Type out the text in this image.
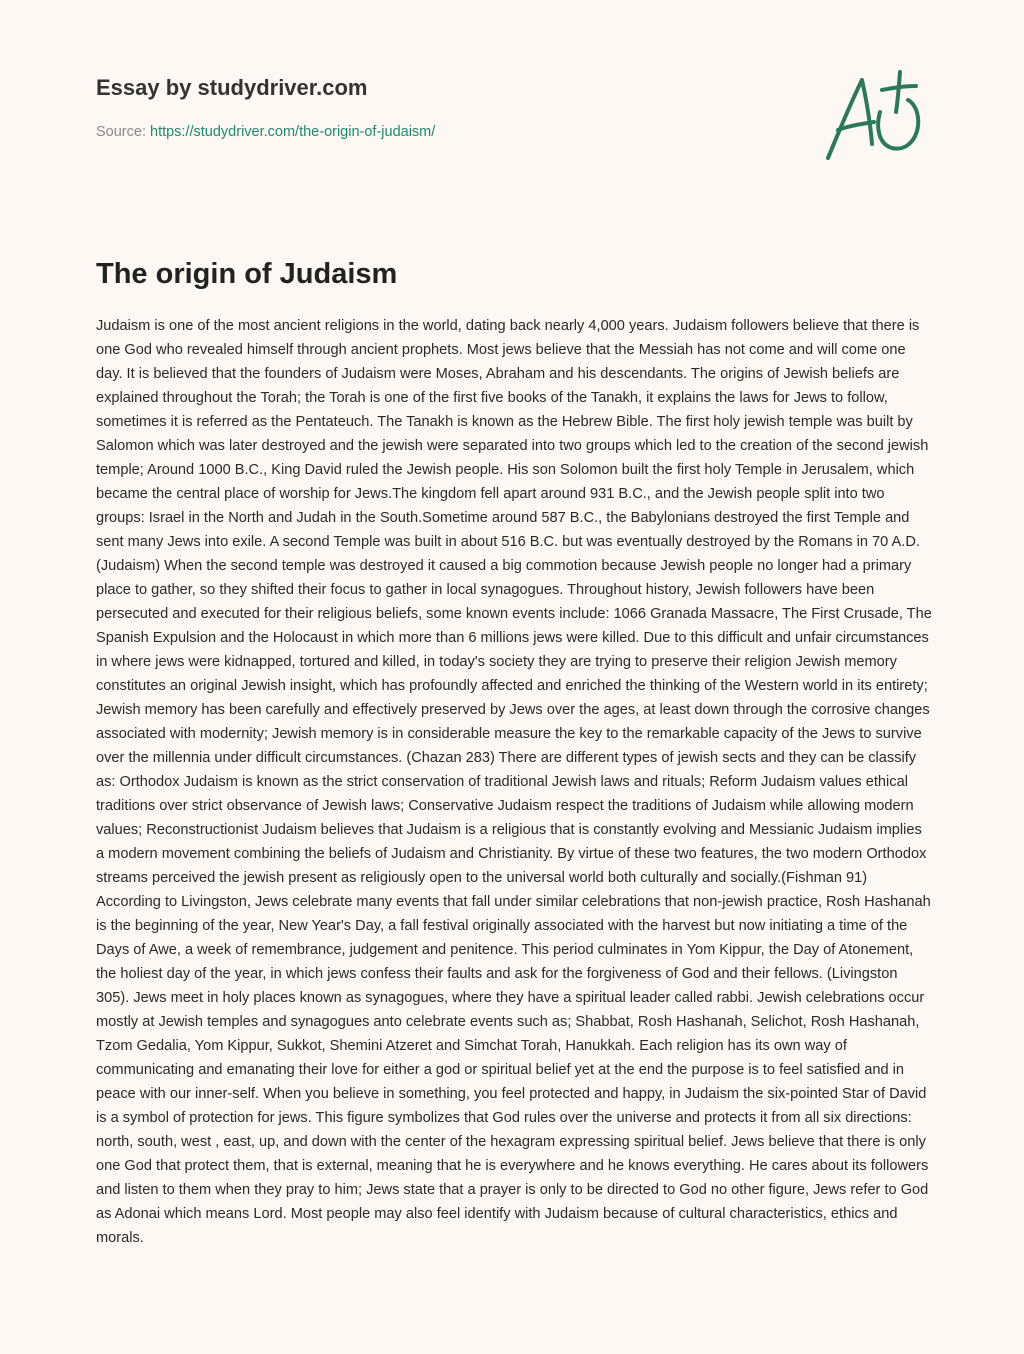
Essay by studydriver.com
Source: https://studydriver.com/the-origin-of-judaism/
The origin of Judaism

Judaism is one of the most ancient religions in the world, dating back nearly 4,000 years. Judaism followers believe that there is one God who revealed himself through ancient prophets. Most jews believe that the Messiah has not come and will come one day. It is believed that the founders of Judaism were Moses, Abraham and his descendants. The origins of Jewish beliefs are explained throughout the Torah; the Torah is one of the first five books of the Tanakh, it explains the laws for Jews to follow, sometimes it is referred as the Pentateuch. The Tanakh is known as the Hebrew Bible. The first holy jewish temple was built by Salomon which was later destroyed and the jewish were separated into two groups which led to the creation of the second jewish temple; Around 1000 B.C., King David ruled the Jewish people. His son Solomon built the first holy Temple in Jerusalem, which became the central place of worship for Jews.The kingdom fell apart around 931 B.C., and the Jewish people split into two groups: Israel in the North and Judah in the South.Sometime around 587 B.C., the Babylonians destroyed the first Temple and sent many Jews into exile. A second Temple was built in about 516 B.C. but was eventually destroyed by the Romans in 70 A.D. (Judaism) When the second temple was destroyed it caused a big commotion because Jewish people no longer had a primary place to gather, so they shifted their focus to gather in local synagogues. Throughout history, Jewish followers have been persecuted and executed for their religious beliefs, some known events include: 1066 Granada Massacre, The First Crusade, The Spanish Expulsion and the Holocaust in which more than 6 millions jews were killed. Due to this difficult and unfair circumstances in where jews were kidnapped, tortured and killed, in today's society they are trying to preserve their religion Jewish memory constitutes an original Jewish insight, which has profoundly affected and enriched the thinking of the Western world in its entirety; Jewish memory has been carefully and effectively preserved by Jews over the ages, at least down through the corrosive changes associated with modernity; Jewish memory is in considerable measure the key to the remarkable capacity of the Jews to survive over the millennia under difficult circumstances. (Chazan 283) There are different types of jewish sects and they can be classify as: Orthodox Judaism is known as the strict conservation of traditional Jewish laws and rituals; Reform Judaism values ethical traditions over strict observance of Jewish laws; Conservative Judaism respect the traditions of Judaism while allowing modern values; Reconstructionist Judaism believes that Judaism is a religious that is constantly evolving and Messianic Judaism implies a modern movement combining the beliefs of Judaism and Christianity. By virtue of these two features, the two modern Orthodox streams perceived the jewish present as religiously open to the universal world both culturally and socially.(Fishman 91) According to Livingston, Jews celebrate many events that fall under similar celebrations that non-jewish practice, Rosh Hashanah is the beginning of the year, New Year's Day, a fall festival originally associated with the harvest but now initiating a time of the Days of Awe, a week of remembrance, judgement and penitence. This period culminates in Yom Kippur, the Day of Atonement, the holiest day of the year, in which jews confess their faults and ask for the forgiveness of God and their fellows. (Livingston 305). Jews meet in holy places known as synagogues, where they have a spiritual leader called rabbi. Jewish celebrations occur mostly at Jewish temples and synagogues anto celebrate events such as; Shabbat, Rosh Hashanah, Selichot, Rosh Hashanah, Tzom Gedalia, Yom Kippur, Sukkot, Shemini Atzeret and Simchat Torah, Hanukkah. Each religion has its own way of communicating and emanating their love for either a god or spiritual belief yet at the end the purpose is to feel satisfied and in peace with our inner-self. When you believe in something, you feel protected and happy, in Judaism the six-pointed Star of David is a symbol of protection for jews. This figure symbolizes that God rules over the universe and protects it from all six directions: north, south, west , east, up, and down with the center of the hexagram expressing spiritual belief. Jews believe that there is only one God that protect them, that is external, meaning that he is everywhere and he knows everything. He cares about its followers and listen to them when they pray to him; Jews state that a prayer is only to be directed to God no other figure, Jews refer to God as Adonai which means Lord. Most people may also feel identify with Judaism because of cultural characteristics, ethics and morals.
